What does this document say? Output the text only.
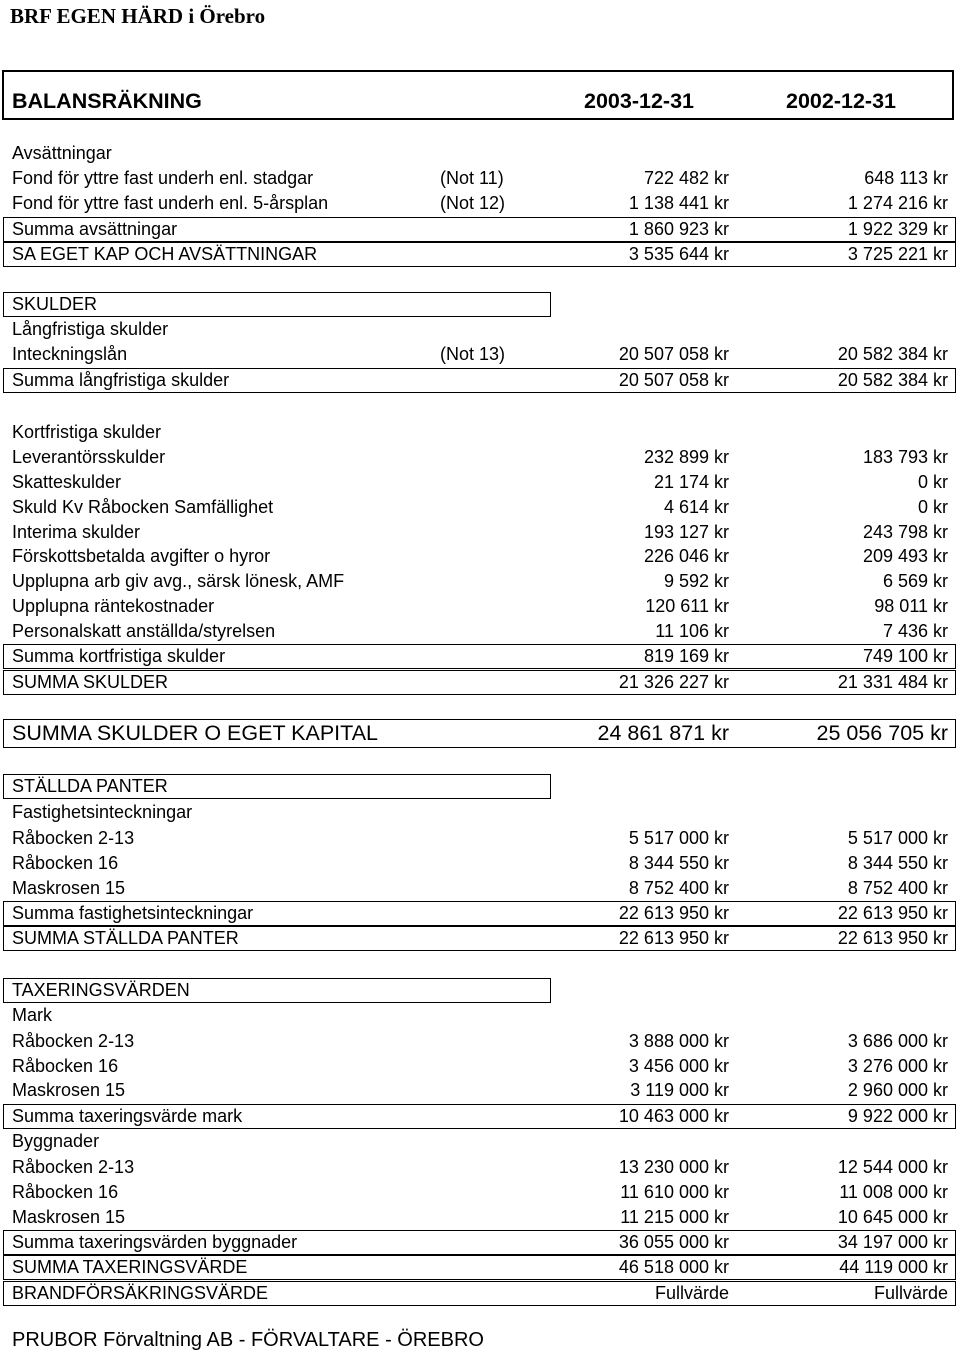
BRF EGEN HÄRD i Örebro
BALANSRÄKNING	2003-12-31	2002-12-31
Avsättningar
Fond för yttre fast underh enl. stadgar	(Not 11)	722 482 kr	648 113 kr
Fond för yttre fast underh enl. 5-årsplan	(Not 12)	1 138 441 kr	1 274 216 kr
Summa avsättningar	1 860 923 kr	1 922 329 kr
SA EGET KAP OCH AVSÄTTNINGAR	3 535 644 kr	3 725 221 kr
SKULDER
Långfristiga skulder
Inteckningslån	(Not 13)	20 507 058 kr	20 582 384 kr
Summa långfristiga skulder	20 507 058 kr	20 582 384 kr
Kortfristiga skulder
Leverantörsskulder	232 899 kr	183 793 kr
Skatteskulder	21 174 kr	0 kr
Skuld Kv Råbocken Samfällighet	4 614 kr	0 kr
Interima skulder	193 127 kr	243 798 kr
Förskottsbetalda avgifter o hyror	226 046 kr	209 493 kr
Upplupna arb giv avg., särsk lönesk, AMF	9 592 kr	6 569 kr
Upplupna räntekostnader	120 611 kr	98 011 kr
Personalskatt anställda/styrelsen	11 106 kr	7 436 kr
Summa kortfristiga skulder	819 169 kr	749 100 kr
SUMMA SKULDER	21 326 227 kr	21 331 484 kr
SUMMA SKULDER O EGET KAPITAL	24 861 871 kr	25 056 705 kr
STÄLLDA PANTER
Fastighetsinteckningar
Råbocken 2-13	5 517 000 kr	5 517 000 kr
Råbocken 16	8 344 550 kr	8 344 550 kr
Maskrosen 15	8 752 400 kr	8 752 400 kr
Summa fastighetsinteckningar	22 613 950 kr	22 613 950 kr
SUMMA STÄLLDA PANTER	22 613 950 kr	22 613 950 kr
TAXERINGSVÄRDEN
Mark
Råbocken 2-13	3 888 000 kr	3 686 000 kr
Råbocken 16	3 456 000 kr	3 276 000 kr
Maskrosen 15	3 119 000 kr	2 960 000 kr
Summa taxeringsvärde mark	10 463 000 kr	9 922 000 kr
Byggnader
Råbocken 2-13	13 230 000 kr	12 544 000 kr
Råbocken 16	11 610 000 kr	11 008 000 kr
Maskrosen 15	11 215 000 kr	10 645 000 kr
Summa taxeringsvärden byggnader	36 055 000 kr	34 197 000 kr
SUMMA TAXERINGSVÄRDE	46 518 000 kr	44 119 000 kr
BRANDFÖRSÄKRINGSVÄRDE	Fullvärde	Fullvärde
PRUBOR Förvaltning AB - FÖRVALTARE - ÖREBRO
